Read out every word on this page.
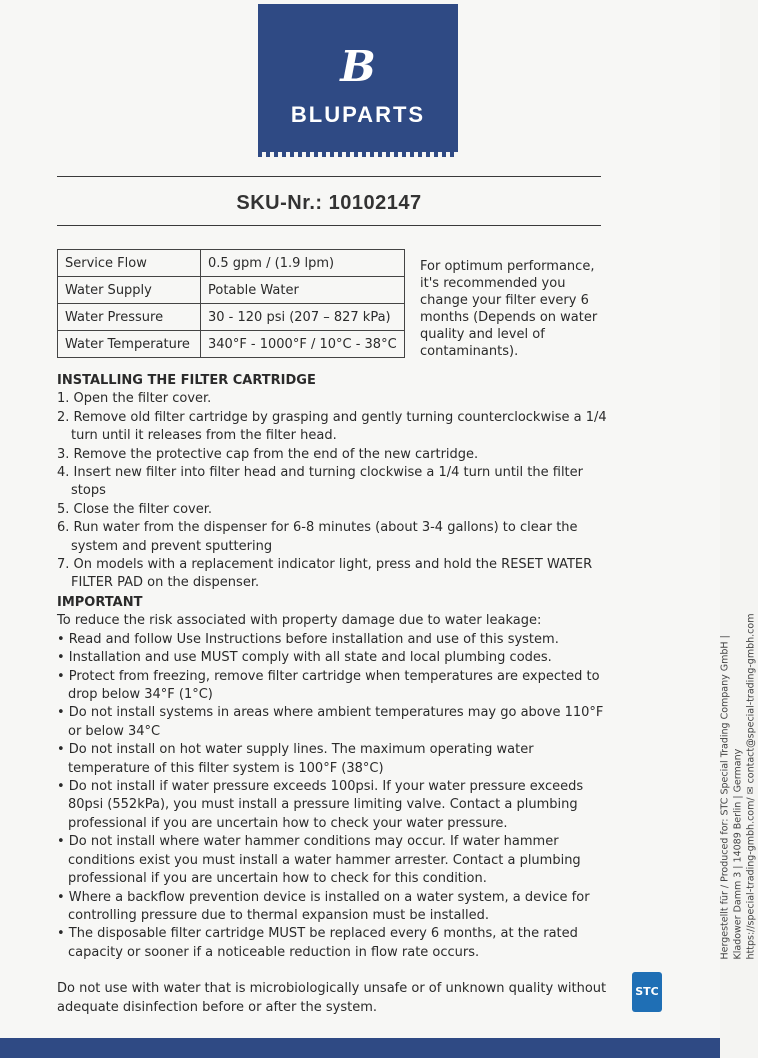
B
BLUPARTS
SKU-Nr.: 10102147
Service Flow	0.5 gpm / (1.9 lpm)
Water Supply	Potable Water
Water Pressure	30 - 120 psi (207 – 827 kPa)
Water Temperature	340°F - 1000°F / 10°C - 38°C
For optimum performance, it's recommended you change your filter every 6 months (Depends on water quality and level of contaminants).
INSTALLING THE FILTER CARTRIDGE
1. Open the filter cover.
2. Remove old filter cartridge by grasping and gently turning counterclockwise a 1/4 turn until it releases from the filter head.
3. Remove the protective cap from the end of the new cartridge.
4. Insert new filter into filter head and turning clockwise a 1/4 turn until the filter stops
5. Close the filter cover.
6. Run water from the dispenser for 6-8 minutes (about 3-4 gallons) to clear the system and prevent sputtering
7. On models with a replacement indicator light, press and hold the RESET WATER FILTER PAD on the dispenser.
IMPORTANT
To reduce the risk associated with property damage due to water leakage:
• Read and follow Use Instructions before installation and use of this system.
• Installation and use MUST comply with all state and local plumbing codes.
• Protect from freezing, remove filter cartridge when temperatures are expected to drop below 34°F (1°C)
• Do not install systems in areas where ambient temperatures may go above 110°F or below 34°C
• Do not install on hot water supply lines. The maximum operating water temperature of this filter system is 100°F (38°C)
• Do not install if water pressure exceeds 100psi. If your water pressure exceeds 80psi (552kPa), you must install a pressure limiting valve. Contact a plumbing professional if you are uncertain how to check your water pressure.
• Do not install where water hammer conditions may occur. If water hammer conditions exist you must install a water hammer arrester. Contact a plumbing professional if you are uncertain how to check for this condition.
• Where a backflow prevention device is installed on a water system, a device for controlling pressure due to thermal expansion must be installed.
• The disposable filter cartridge MUST be replaced every 6 months, at the rated capacity or sooner if a noticeable reduction in flow rate occurs.
Do not use with water that is microbiologically unsafe or of unknown quality without adequate disinfection before or after the system.
Hergestellt für / Produced for: STC Special Trading Company GmbH | Kladower Damm 3 | 14089 Berlin | Germany https://special-trading-gmbh.com/ ✉ contact@special-trading-gmbh.com
STC
